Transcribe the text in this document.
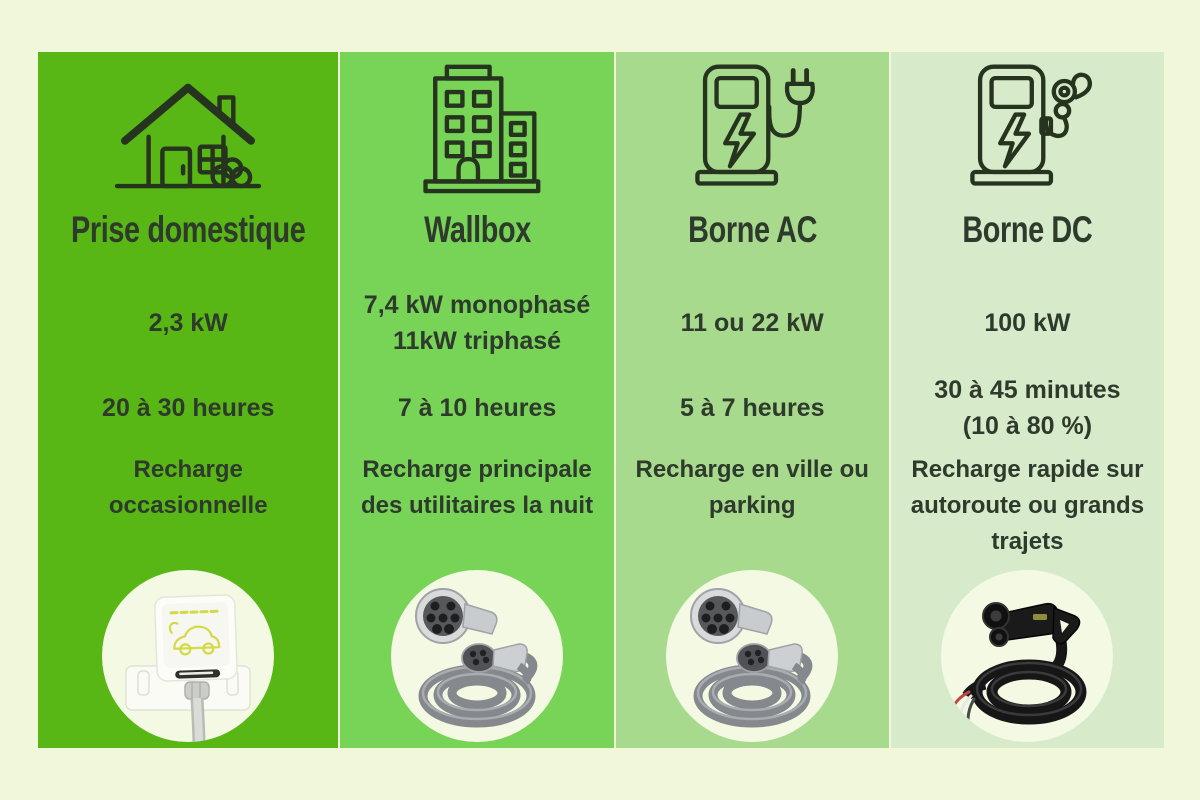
Prise domestique
2,3 kW
20 à 30 heures
Recharge
occasionnelle
Wallbox
7,4 kW monophasé
11kW triphasé
7 à 10 heures
Recharge principale
des utilitaires la nuit
Borne AC
11 ou 22 kW
5 à 7 heures
Recharge en ville ou
parking
Borne DC
100 kW
30 à 45 minutes
(10 à 80 %)
Recharge rapide sur
autoroute ou grands
trajets
